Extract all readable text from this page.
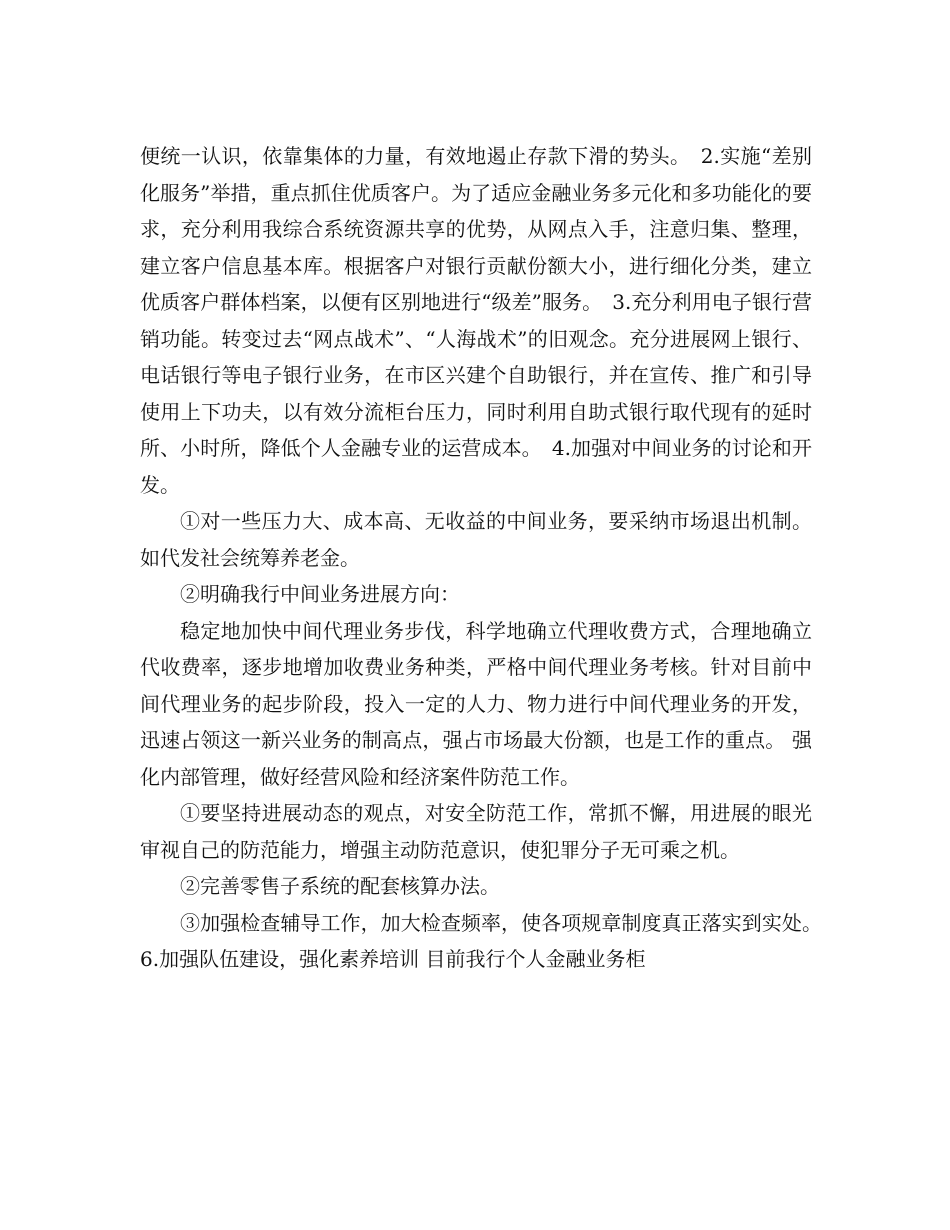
便统一认识，依靠集体的力量，有效地遏止存款下滑的势头。　2.实施“差别化服务”举措，重点抓住优质客户。为了适应金融业务多元化和多功能化的要求，充分利用我综合系统资源共享的优势，从网点入手，注意归集、整理，建立客户信息基本库。根据客户对银行贡献份额大小，进行细化分类，建立优质客户群体档案，以便有区别地进行“级差”服务。　3.充分利用电子银行营销功能。转变过去“网点战术”、“人海战术”的旧观念。充分进展网上银行、电话银行等电子银行业务，在市区兴建个自助银行，并在宣传、推广和引导使用上下功夫，以有效分流柜台压力，同时利用自助式银行取代现有的延时所、小时所，降低个人金融专业的运营成本。　4.加强对中间业务的讨论和开发。

①对一些压力大、成本高、无收益的中间业务，要采纳市场退出机制。如代发社会统筹养老金。

②明确我行中间业务进展方向：

稳定地加快中间代理业务步伐，科学地确立代理收费方式，合理地确立代收费率，逐步地增加收费业务种类，严格中间代理业务考核。针对目前中间代理业务的起步阶段，投入一定的人力、物力进行中间代理业务的开发，迅速占领这一新兴业务的制高点，强占市场最大份额，也是工作的重点。 强化内部管理，做好经营风险和经济案件防范工作。

①要坚持进展动态的观点，对安全防范工作，常抓不懈，用进展的眼光审视自己的防范能力，增强主动防范意识，使犯罪分子无可乘之机。

②完善零售子系统的配套核算办法。

③加强检查辅导工作，加大检查频率，使各项规章制度真正落实到实处。　6.加强队伍建设，强化素养培训 目前我行个人金融业务柜
